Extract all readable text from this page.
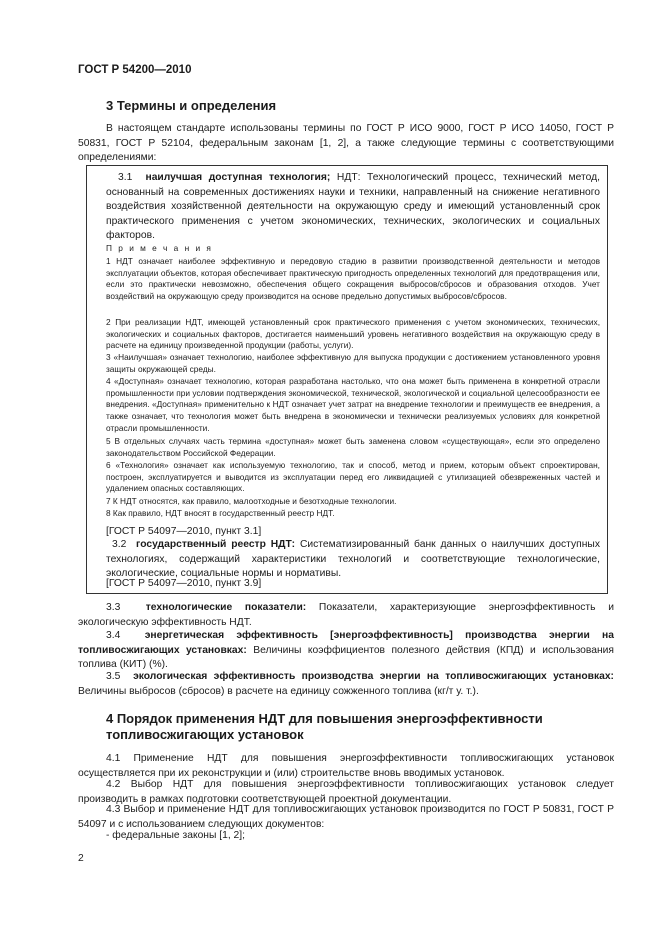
ГОСТ Р 54200—2010
3 Термины и определения
В настоящем стандарте использованы термины по ГОСТ Р ИСО 9000, ГОСТ Р ИСО 14050, ГОСТ Р 50831, ГОСТ Р 52104, федеральным законам [1, 2], а также следующие термины с соответствующими определениями:
3.1 наилучшая доступная технология; НДТ: Технологический процесс, технический метод, основанный на современных достижениях науки и техники, направленный на снижение негативного воздействия хозяйственной деятельности на окружающую среду и имеющий установленный срок практического применения с учетом экономических, технических, экологических и социальных факторов.
П р и м е ч а н и я
1 НДТ означает наиболее эффективную и передовую стадию в развитии производственной деятельности и методов эксплуатации объектов, которая обеспечивает практическую пригодность определенных технологий для предотвращения или, если это практически невозможно, обеспечения общего сокращения выбросов/сбросов и образования отходов. Учет воздействий на окружающую среду производится на основе предельно допустимых выбросов/сбросов.
2 При реализации НДТ, имеющей установленный срок практического применения с учетом экономических, технических, экологических и социальных факторов, достигается наименьший уровень негативного воздействия на окружающую среду в расчете на единицу произведенной продукции (работы, услуги).
3 «Наилучшая» означает технологию, наиболее эффективную для выпуска продукции с достижением установленного уровня защиты окружающей среды.
4 «Доступная» означает технологию, которая разработана настолько, что она может быть применена в конкретной отрасли промышленности при условии подтверждения экономической, технической, экологической и социальной целесообразности ее внедрения. «Доступная» применительно к НДТ означает учет затрат на внедрение технологии и преимуществ ее внедрения, а также означает, что технология может быть внедрена в экономически и технически реализуемых условиях для конкретной отрасли промышленности.
5 В отдельных случаях часть термина «доступная» может быть заменена словом «существующая», если это определено законодательством Российской Федерации.
6 «Технология» означает как используемую технологию, так и способ, метод и прием, которым объект спроектирован, построен, эксплуатируется и выводится из эксплуатации перед его ликвидацией с утилизацией обезвреженных частей и удалением опасных составляющих.
7 К НДТ относятся, как правило, малоотходные и безотходные технологии.
8 Как правило, НДТ вносят в государственный реестр НДТ.
[ГОСТ Р 54097—2010, пункт 3.1]
3.2 государственный реестр НДТ: Систематизированный банк данных о наилучших доступных технологиях, содержащий характеристики технологий и соответствующие технологические, экологические, социальные нормы и нормативы.
[ГОСТ Р 54097—2010, пункт 3.9]
3.3 технологические показатели: Показатели, характеризующие энергоэффективность и экологическую эффективность НДТ.
3.4 энергетическая эффективность [энергоэффективность] производства энергии на топливосжигающих установках: Величины коэффициентов полезного действия (КПД) и использования топлива (КИТ) (%).
3.5 экологическая эффективность производства энергии на топливосжигающих установках: Величины выбросов (сбросов) в расчете на единицу сожженного топлива (кг/т у. т.).
4 Порядок применения НДТ для повышения энергоэффективности
топливосжигающих установок
4.1 Применение НДТ для повышения энергоэффективности топливосжигающих установок осуществляется при их реконструкции и (или) строительстве вновь вводимых установок.
4.2 Выбор НДТ для повышения энергоэффективности топливосжигающих установок следует производить в рамках подготовки соответствующей проектной документации.
4.3 Выбор и применение НДТ для топливосжигающих установок производится по ГОСТ Р 50831, ГОСТ Р 54097 и с использованием следующих документов:
- федеральные законы [1, 2];
2
